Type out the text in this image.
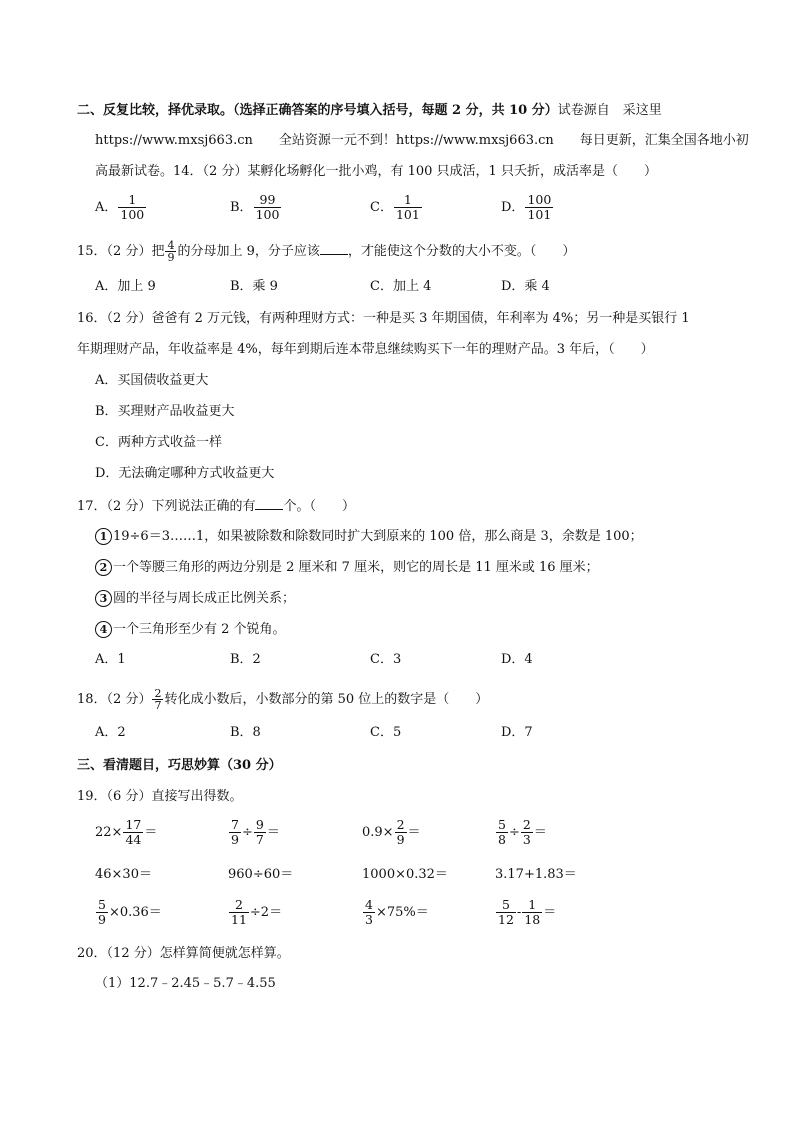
二、反复比较，择优录取。（选择正确答案的序号填入括号，每题 2 分，共 10 分）试卷源自　采这里
https://www.mxsj663.cn　　全站资源一元不到！https://www.mxsj663.cn　　每日更新，汇集全国各地小初
高最新试卷。14．（2 分）某孵化场孵化一批小鸡，有 100 只成活，1 只夭折，成活率是（　　）
A． $\frac{1}{100}$	B． $\frac{99}{100}$	C． $\frac{1}{101}$	D． $\frac{100}{101}$
15．（2 分）把 $\frac{4}{9}$ 的分母加上 9，分子应该 ，才能使这个分数的大小不变。（　　）
A．加上 9	B．乘 9	C．加上 4	D．乘 4
16．（2 分）爸爸有 2 万元钱，有两种理财方式：一种是买 3 年期国债，年利率为 4%；另一种是买银行 1
年期理财产品，年收益率是 4%，每年到期后连本带息继续购买下一年的理财产品。3 年后，（　　）
A．买国债收益更大
B．买理财产品收益更大
C．两种方式收益一样
D．无法确定哪种方式收益更大
17．（2 分）下列说法正确的有 个。（　　）
1 19÷6＝3……1，如果被除数和除数同时扩大到原来的 100 倍，那么商是 3，余数是 100；
2 一个等腰三角形的两边分别是 2 厘米和 7 厘米，则它的周长是 11 厘米或 16 厘米；
3 圆的半径与周长成正比例关系；
4 一个三角形至少有 2 个锐角。
A．1	B．2	C．3	D．4
18．（2 分） $\frac{2}{7}$ 转化成小数后，小数部分的第 50 位上的数字是（　　）
A．2	B．8	C．5	D．7
三、看清题目，巧思妙算（30 分）
19．（6 分）直接写出得数。
$22\times \frac{17}{44}$ ＝	$\frac{7}{9} \div \frac{9}{7}$ ＝	$0.9\times \frac{2}{9}$ ＝	$\frac{5}{8} \div \frac{2}{3}$ ＝
46×30＝	960÷60＝	1000×0.32＝	3.17+1.83＝
$\frac{5}{9} \times 0.36=$	$\frac{2}{11} \div 2=$	$\frac{4}{3} \times 75\%=$	$\frac{5}{12} - \frac{1}{18}$ ＝
20．（12 分）怎样算简便就怎样算。
（1）12.7﹣2.45﹣5.7﹣4.55
